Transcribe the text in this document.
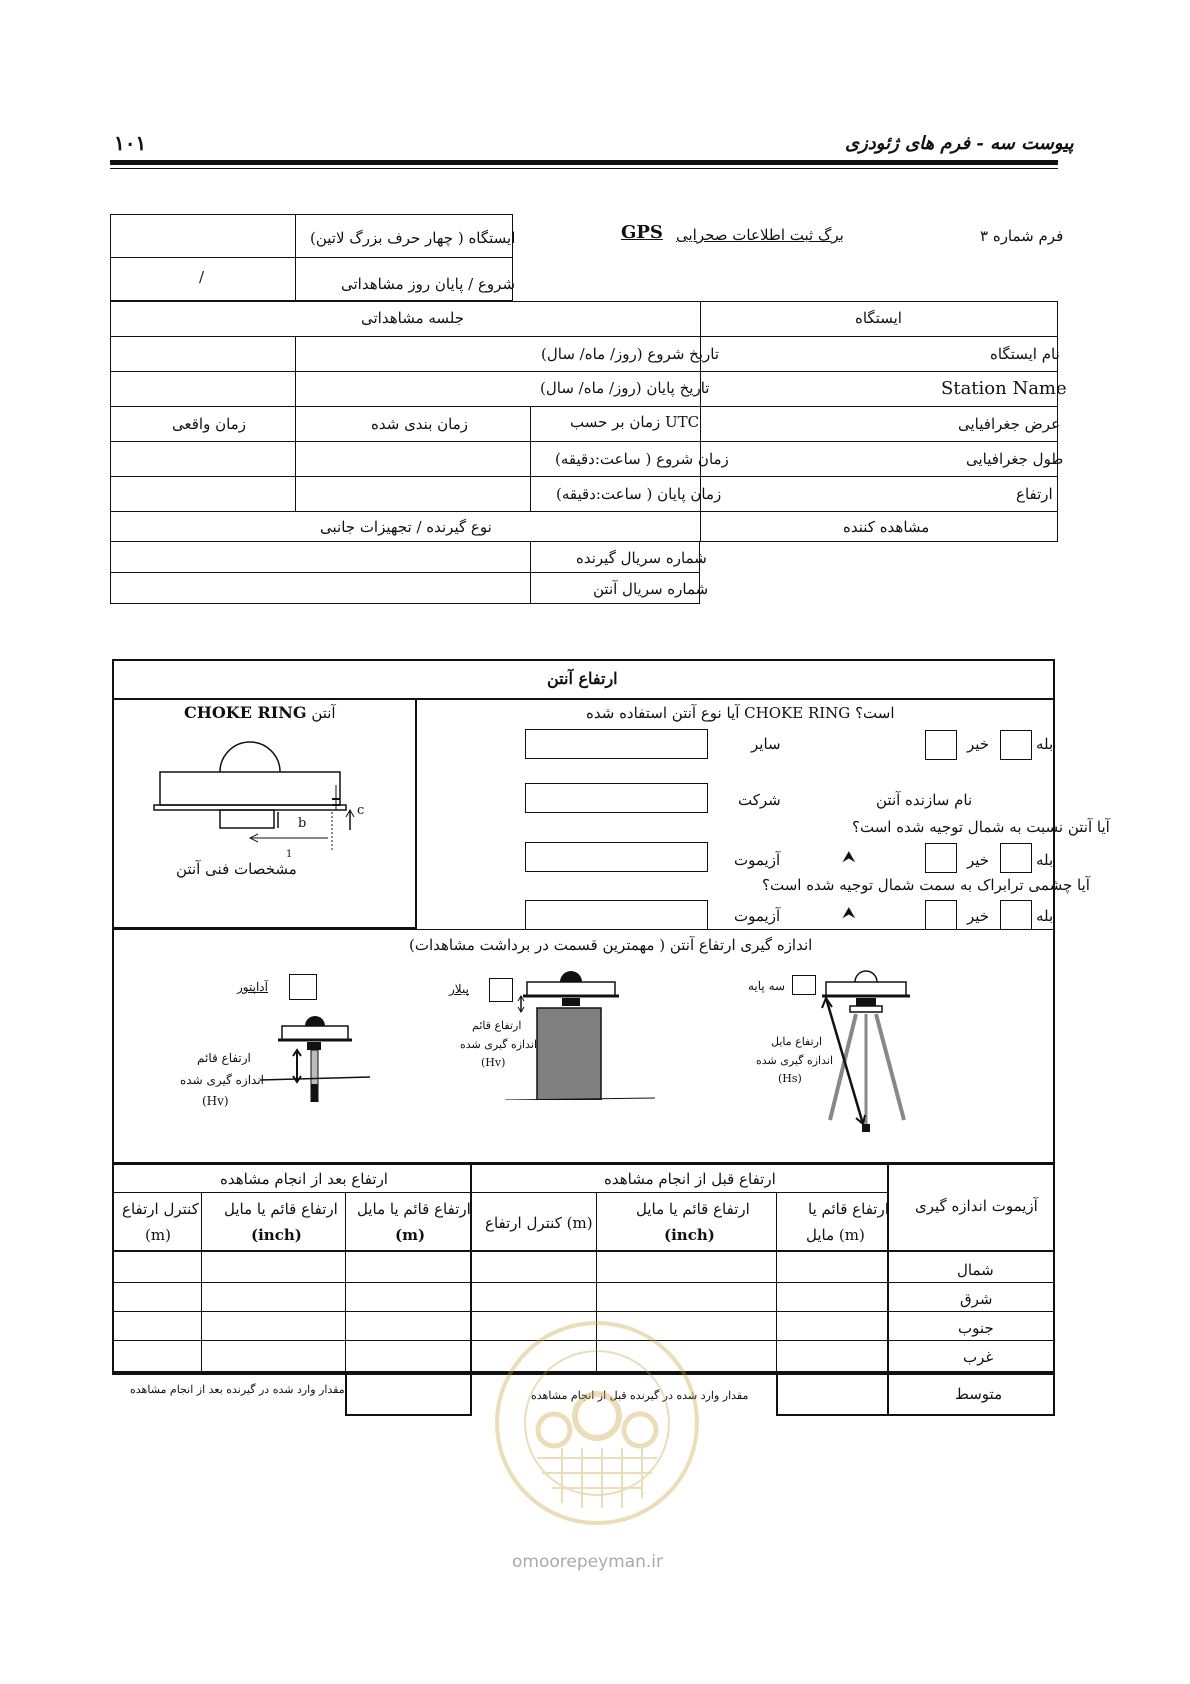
پیوست سه - فرم های ژئودزی
۱۰۱
ایستگاه ( چهار حرف بزرگ لاتین)
شروع / پایان روز مشاهداتی
/
برگ ثبت اطلاعات صحرایی
GPS	فرم شماره ۳
ایستگاه
جلسه مشاهداتی
نام ایستگاه
Station Name
عرض جغرافیایی
طول جغرافیایی
ارتفاع
مشاهده کننده
تاریخ شروع (روز/ ماه/ سال)
تاریخ پایان (روز/ ماه/ سال)
زمان بر حسب UTC
زمان بندی شده
زمان واقعی
زمان شروع ( ساعت:دقیقه)
زمان پایان ( ساعت:دقیقه)
نوع گیرنده / تجهیزات جانبی
شماره سریال گیرنده
شماره سریال آنتن
ارتفاع آنتن
CHOKE RING آنتن
b
c
1
مشخصات فنی آنتن
آیا نوع آنتن استفاده شده CHOKE RING است؟
بله
خیر
سایر
نام سازنده آنتن
شرکت
آیا آنتن نسبت به شمال توجیه شده است؟
بله
خیر
⮝
آزیموت
آیا چشمی ترابراک به سمت شمال توجیه شده است؟
بله
خیر
⮝
آزیموت
اندازه گیری ارتفاع آنتن ( مهمترین قسمت در برداشت مشاهدات)
آداپتور
ارتفاع قائم
اندازه گیری شده
(Hv)
پیلار
ارتفاع قائم
اندازه گیری شده
(Hv)
سه پایه
ارتفاع مایل
اندازه گیری شده
(Hs)
آزیموت اندازه گیری
ارتفاع قبل از انجام مشاهده
ارتفاع بعد از انجام مشاهده
ارتفاع قائم یا
مایل (m)
ارتفاع قائم یا مایل
(inch)
کنترل ارتفاع (m)
ارتفاع قائم یا مایل
(m)
ارتفاع قائم یا مایل
(inch)
کنترل ارتفاع
(m)
شمال
شرق
جنوب
غرب
متوسط
مقدار وارد شده در گیرنده قبل از انجام مشاهده
مقدار وارد شده در گیرنده بعد از انجام مشاهده
omoorepeyman.ir
